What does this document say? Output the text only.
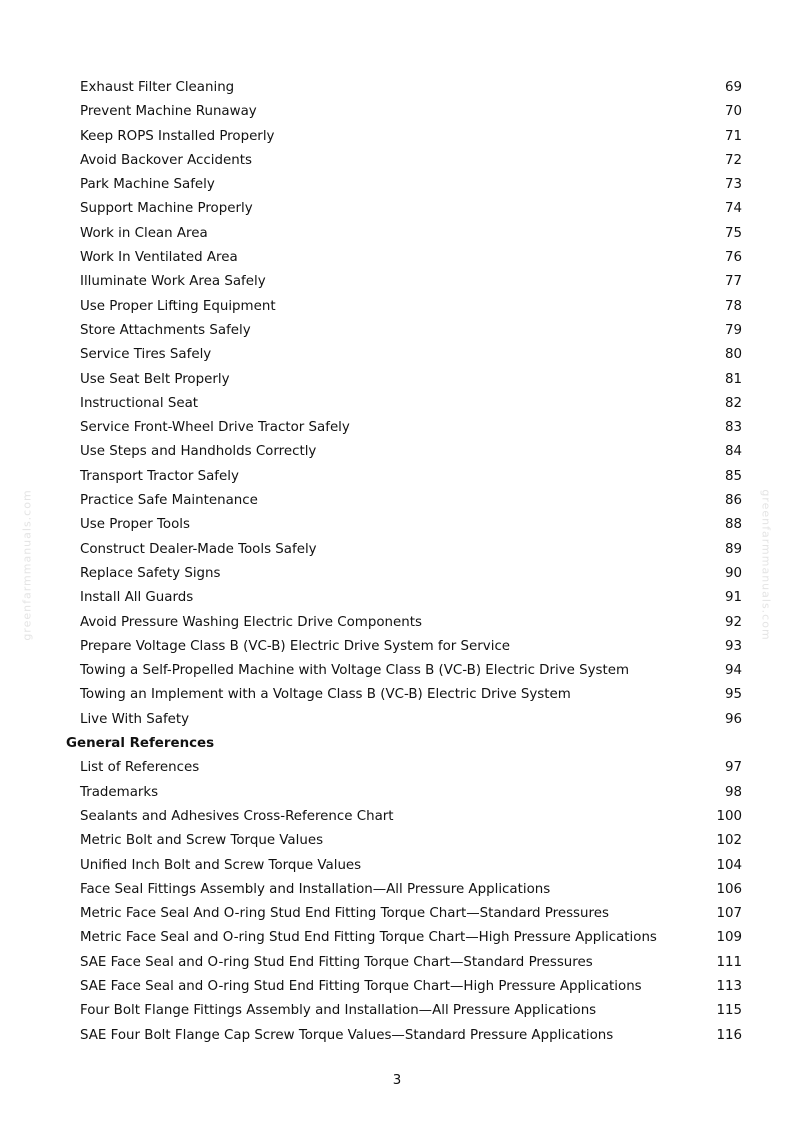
greenfarmmanuals.com	greenfarmmanuals.com
Exhaust Filter Cleaning	69
Prevent Machine Runaway	70
Keep ROPS Installed Properly	71
Avoid Backover Accidents	72
Park Machine Safely	73
Support Machine Properly	74
Work in Clean Area	75
Work In Ventilated Area	76
Illuminate Work Area Safely	77
Use Proper Lifting Equipment	78
Store Attachments Safely	79
Service Tires Safely	80
Use Seat Belt Properly	81
Instructional Seat	82
Service Front-Wheel Drive Tractor Safely	83
Use Steps and Handholds Correctly	84
Transport Tractor Safely	85
Practice Safe Maintenance	86
Use Proper Tools	88
Construct Dealer-Made Tools Safely	89
Replace Safety Signs	90
Install All Guards	91
Avoid Pressure Washing Electric Drive Components	92
Prepare Voltage Class B (VC-B) Electric Drive System for Service	93
Towing a Self-Propelled Machine with Voltage Class B (VC-B) Electric Drive System	94
Towing an Implement with a Voltage Class B (VC-B) Electric Drive System	95
Live With Safety	96
General References
List of References	97
Trademarks	98
Sealants and Adhesives Cross-Reference Chart	100
Metric Bolt and Screw Torque Values	102
Unified Inch Bolt and Screw Torque Values	104
Face Seal Fittings Assembly and Installation—All Pressure Applications	106
Metric Face Seal And O-ring Stud End Fitting Torque Chart—Standard Pressures	107
Metric Face Seal and O-ring Stud End Fitting Torque Chart—High Pressure Applications	109
SAE Face Seal and O-ring Stud End Fitting Torque Chart—Standard Pressures	111
SAE Face Seal and O-ring Stud End Fitting Torque Chart—High Pressure Applications	113
Four Bolt Flange Fittings Assembly and Installation—All Pressure Applications	115
SAE Four Bolt Flange Cap Screw Torque Values—Standard Pressure Applications	116
3
